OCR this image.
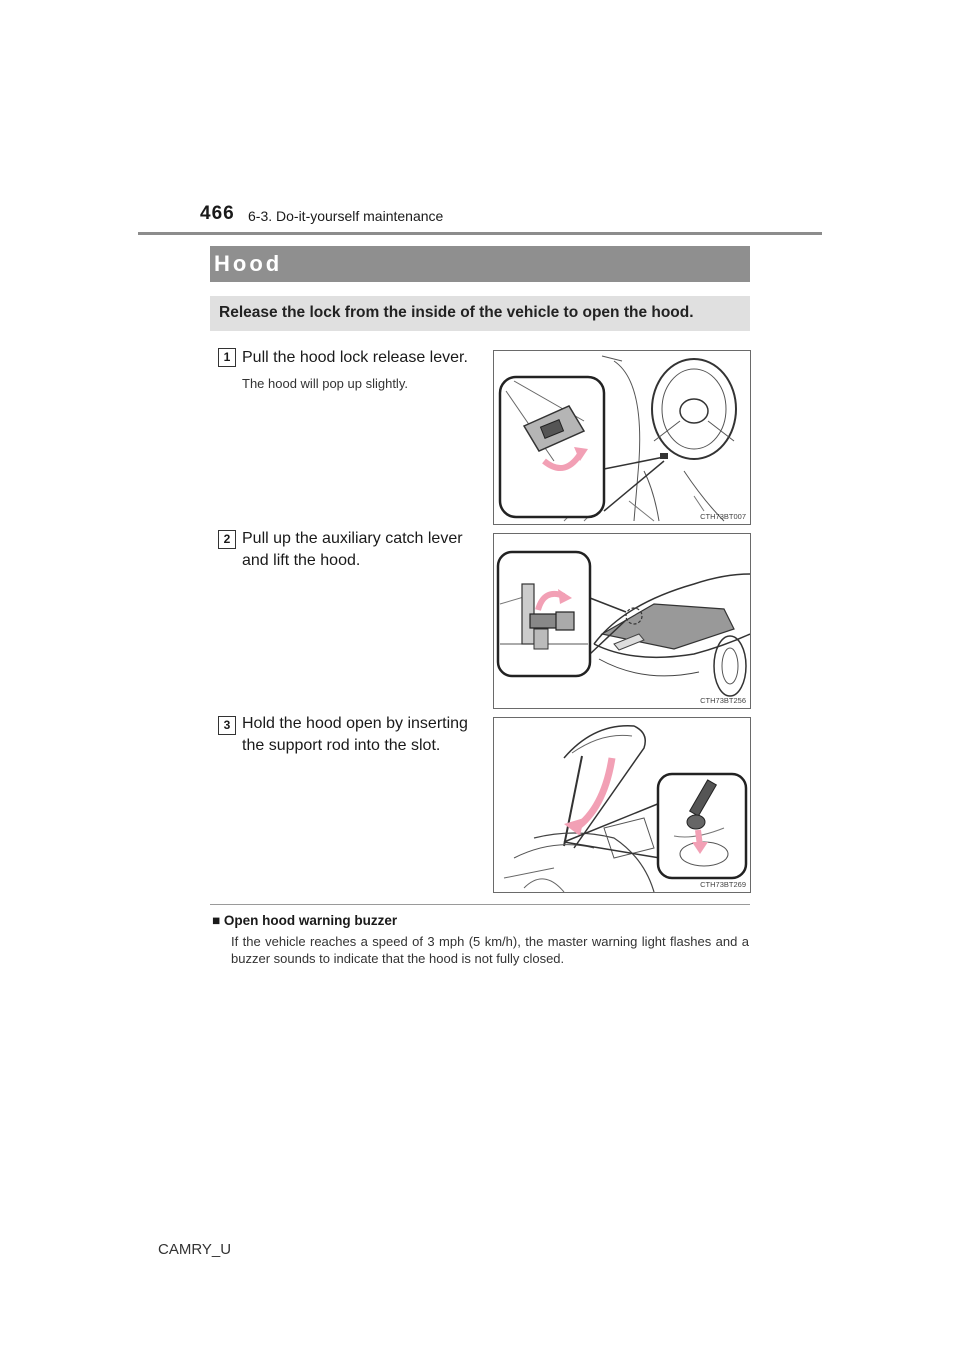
466 6-3. Do-it-yourself maintenance
Hood
Release the lock from the inside of the vehicle to open the hood.
1 Pull the hood lock release lever.
The hood will pop up slightly.
CTH73BT007
2 Pull up the auxiliary catch lever
and lift the hood.
CTH73BT256
3 Hold the hood open by inserting
the support rod into the slot.
CTH73BT269
■ Open hood warning buzzer
If the vehicle reaches a speed of 3 mph (5 km/h), the master warning light flashes and a buzzer sounds to indicate that the hood is not fully closed.
CAMRY_U
